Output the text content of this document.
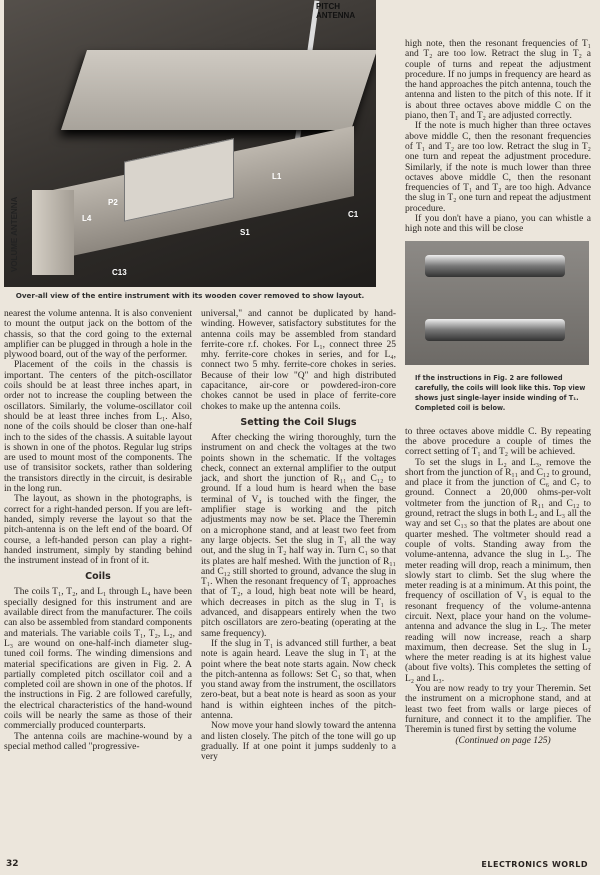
PITCH
ANTENNA
L1
L4
P2
C1
S1
C13
VOLUME ANTENNA
Over-all view of the entire instrument with its wooden cover removed to show layout.

nearest the volume antenna. It is also convenient to mount the output jack on the bottom of the chassis, so that the cord going to the external amplifier can be plugged in through a hole in the plywood board, out of the way of the performer.

Placement of the coils in the chassis is important. The centers of the pitch-oscillator coils should be at least three inches apart, in order not to increase the coupling between the oscillators. Similarly, the volume-oscillator coil should be at least three inches from L₁. Also, none of the coils should be closer than one-half inch to the sides of the chassis. A suitable layout is shown in one of the photos. Regular lug strips are used to mount most of the components. The use of transisitor sockets, rather than soldering the transistors directly in the circuit, is desirable in the long run.

The layout, as shown in the photographs, is correct for a right-handed person. If you are left-handed, simply reverse the layout so that the pitch-antenna is on the left end of the board. Of course, a left-handed person can play a right-handed instrument, simply by standing behind the instrument instead of in front of it.

Coils

The coils T₁, T₂, and L₁ through L₄ have been specially designed for this instrument and are available direct from the manufacturer. The coils can also be assembled from standard components and materials. The variable coils T₁, T₂, L₂, and L₃ are wound on one-half-inch diameter slug-tuned coil forms. The winding dimensions and material specifications are given in Fig. 2. A partially completed pitch oscillator coil and a completed coil are shown in one of the photos. If the instructions in Fig. 2 are followed carefully, the electrical characteristics of the hand-wound coils will be nearly the same as those of their commercially produced counterparts.

The antenna coils are machine-wound by a special method called "progressive-

universal," and cannot be duplicated by hand-winding. However, satisfactory substitutes for the antenna coils may be assembled from standard ferrite-core r.f. chokes. For L₁, connect three 25 mhy. ferrite-core chokes in series, and for L₄, connect two 5 mhy. ferrite-core chokes in series. Because of their low "Q" and high distributed capacitance, air-core or powdered-iron-core chokes cannot be used in place of ferrite-core chokes to make up the antenna coils.

Setting the Coil Slugs

After checking the wiring thoroughly, turn the instrument on and check the voltages at the two points shown in the schematic. If the voltages check, connect an external amplifier to the output jack, and short the junction of R₁₁ and C₁₂ to ground. If a loud hum is heard when the base terminal of V₄ is touched with the finger, the amplifier stage is working and the pitch adjustments may now be set. Place the Theremin on a microphone stand, and at least two feet from any large objects. Set the slug in T₁ all the way out, and the slug in T₂ half way in. Turn C₁ so that its plates are half meshed. With the junction of R₁₁ and C₁₂ still shorted to ground, advance the slug in T₁. When the resonant frequency of T₁ approaches that of T₂, a loud, high beat note will be heard, which decreases in pitch as the slug in T₁ is advanced, and disappears entirely when the two pitch oscillators are zero-beating (operating at the same frequency).

If the slug in T₁ is advanced still further, a beat note is again heard. Leave the slug in T₁ at the point where the beat note starts again. Now check the pitch-antenna as follows: Set C₁ so that, when you stand away from the instrument, the oscillators zero-beat, but a beat note is heard as soon as your hand is within eighteen inches of the pitch-antenna.

Now move your hand slowly toward the antenna and listen closely. The pitch of the tone will go up gradually. If at one point it jumps suddenly to a very

high note, then the resonant frequencies of T₁ and T₂ are too low. Retract the slug in T₂ a couple of turns and repeat the adjustment procedure. If no jumps in frequency are heard as the hand approaches the pitch antenna, touch the antenna and listen to the pitch of this note. If it is about three octaves above middle C on the piano, then T₁ and T₂ are adjusted correctly.

If the note is much higher than three octaves above middle C, then the resonant frequencies of T₁ and T₂ are too low. Retract the slug in T₂ one turn and repeat the adjustment procedure. Similarly, if the note is much lower than three octaves above middle C, then the resonant frequencies of T₁ and T₂ are too high. Advance the slug in T₂ one turn and repeat the adjustment procedure.

If you don't have a piano, you can whistle a high note and this will be close

If the instructions in Fig. 2 are followed carefully, the coils will look like this. Top view shows just single-layer inside winding of T₁. Completed coil is below.

to three octaves above middle C. By repeating the above procedure a couple of times the correct setting of T₁ and T₂ will be achieved.

To set the slugs in L₂ and L₃, remove the short from the junction of R₁₁ and C₁₂ to ground, and place it from the junction of C₆ and C₇ to ground. Connect a 20,000 ohms-per-volt voltmeter from the junction of R₁₁ and C₁₂ to ground, retract the slugs in both L₂ and L₃ all the way and set C₁₃ so that the plates are about one quarter meshed. The voltmeter should read a couple of volts. Standing away from the volume-antenna, advance the slug in L₃. The meter reading will drop, reach a minimum, then slowly start to climb. Set the slug where the meter reading is at a minimum. At this point, the frequency of oscillation of V₃ is equal to the resonant frequency of the volume-antenna circuit. Next, place your hand on the volume-antenna and advance the slug in L₂. The meter reading will now increase, reach a sharp maximum, then decrease. Set the slug in L₂ where the meter reading is at its highest value (about five volts). This completes the setting of L₂ and L₃.

You are now ready to try your Theremin. Set the instrument on a microphone stand, and at least two feet from walls or large pieces of furniture, and connect it to the amplifier. The Theremin is tuned first by setting the volume

(Continued on page 125)

32	ELECTRONICS WORLD
